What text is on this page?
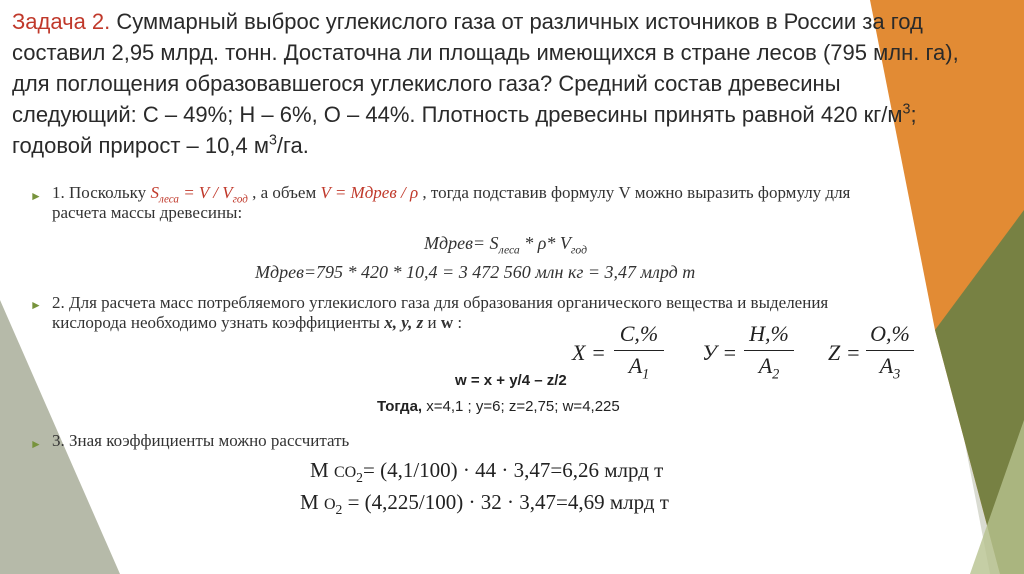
Задача 2. Суммарный выброс углекислого газа от различных источников в России за год
составил 2,95 млрд. тонн. Достаточна ли площадь имеющихся в стране лесов (795 млн. га),
для поглощения образовавшегося углекислого газа? Средний состав древесины
следующий: С – 49%; Н – 6%, О – 44%. Плотность древесины принять равной 420 $кг/м^3$;
годовой прирост – 10,4 $м^3/га$.
► 1. Поскольку $S_{леса} = V / V_{год}$ , а объем V = Мдрев / ρ , тогда подставив формулу V можно выразить формулу для
расчета массы древесины:
Мдрев= $S_{леса} * \rho*$ $V_{год}$
Мдрев=795 * 420 * 10,4 = 3 472 560 млн кг = 3,47 млрд т
► 2. Для расчета масс потребляемого углекислого газа для образования органического вещества и выделения
кислорода необходимо узнать коэффициенты x, y, z и w :
X =
C,%
$A_1$
У =
H,%
$A_2$
Z =
O,%
$A_3$
w = x + y/4 – z/2
Тогда, x=4,1 ; y=6; z=2,75; w=4,225
► 3. Зная коэффициенты можно рассчитать
M $CO_2= (4,1/100) \cdot 44 \cdot 3,47=6,26$ млрд т
M $O_2 = (4,225/100) \cdot 32 \cdot 3,47=4,69$ млрд т
